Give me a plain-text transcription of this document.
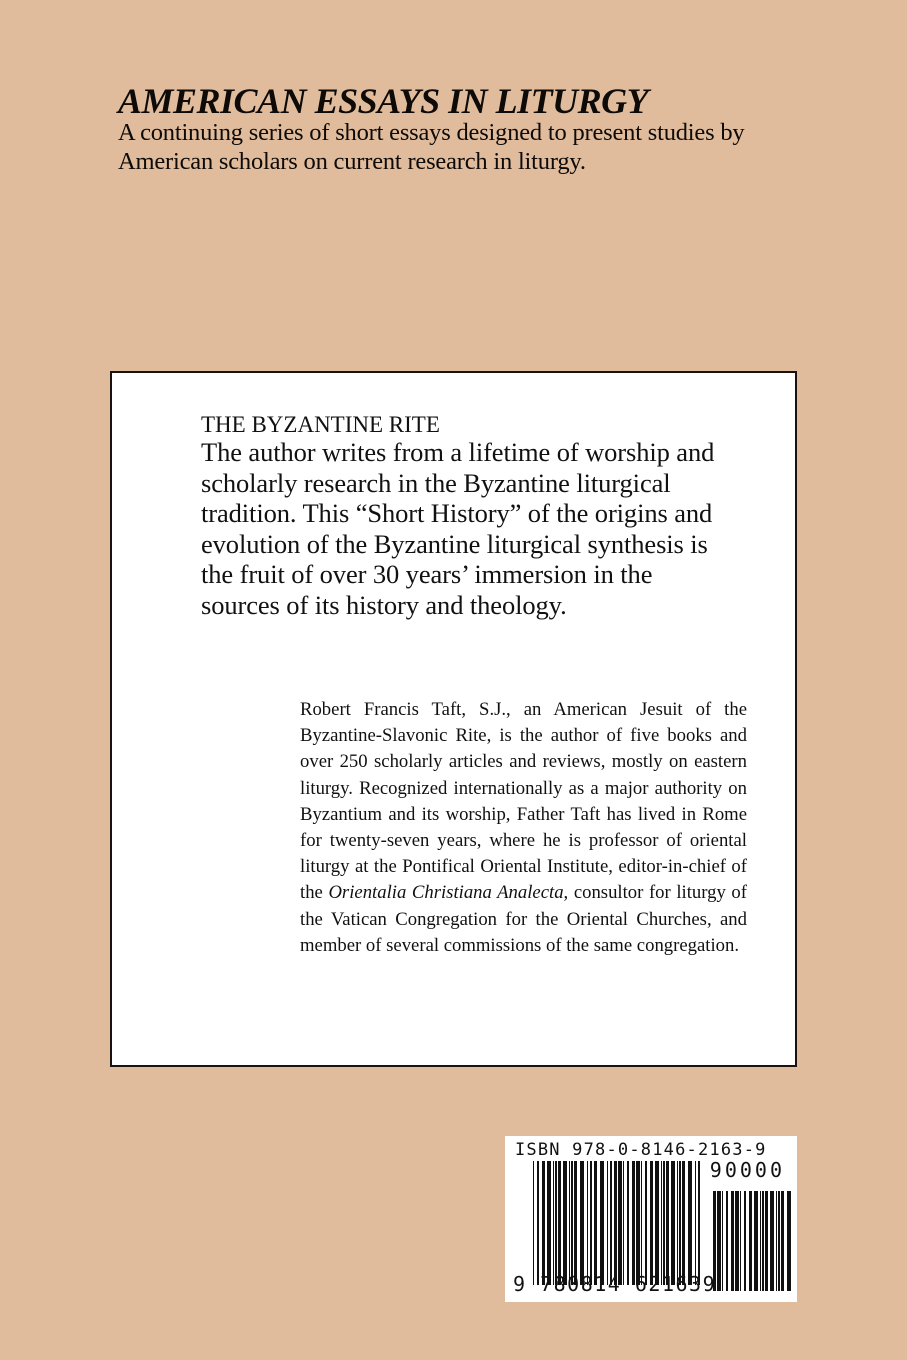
AMERICAN ESSAYS IN LITURGY
A continuing series of short essays designed to present studies by American scholars on current research in liturgy.
THE BYZANTINE RITE
The author writes from a lifetime of worship and scholarly research in the Byzantine liturgical tradition. This “Short History” of the origins and evolution of the Byzantine liturgical synthesis is the fruit of over 30 years’ immersion in the sources of its history and theology.
Robert Francis Taft, S.J., an American Jesuit of the Byzantine-Slavonic Rite, is the author of five books and over 250 scholarly articles and reviews, mostly on eastern liturgy. Recognized internationally as a major authority on Byzantium and its worship, Father Taft has lived in Rome for twenty-seven years, where he is professor of oriental liturgy at the Pontifical Oriental Institute, editor-in-chief of the Orientalia Christiana Analecta, consultor for liturgy of the Vatican Congregation for the Oriental Churches, and member of several commissions of the same congregation.
ISBN 978-0-8146-2163-9
90000
9 780814 621639
